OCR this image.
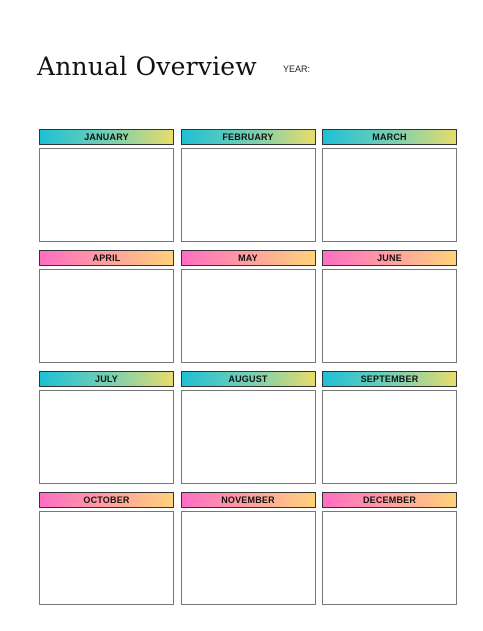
Annual Overview	YEAR:
JANUARY	FEBRUARY	MARCH
APRIL	MAY	JUNE
JULY	AUGUST	SEPTEMBER
OCTOBER	NOVEMBER	DECEMBER
